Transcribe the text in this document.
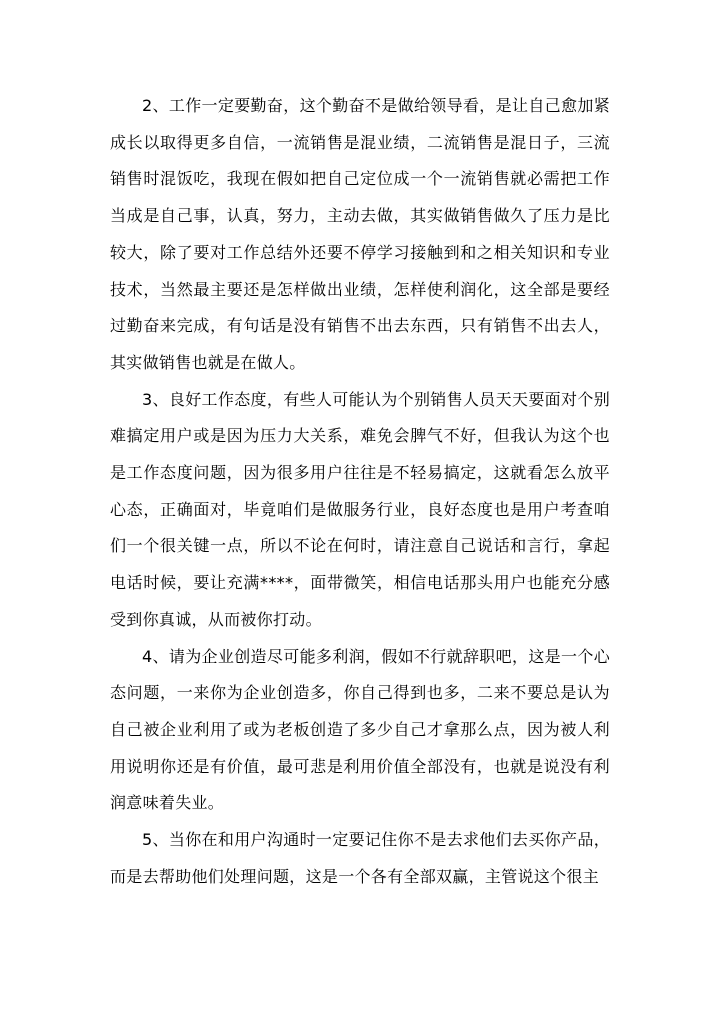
2、工作一定要勤奋，这个勤奋不是做给领导看，是让自己愈加紧成长以取得更多自信，一流销售是混业绩，二流销售是混日子，三流销售时混饭吃，我现在假如把自己定位成一个一流销售就必需把工作当成是自己事，认真，努力，主动去做，其实做销售做久了压力是比较大，除了要对工作总结外还要不停学习接触到和之相关知识和专业技术，当然最主要还是怎样做出业绩，怎样使利润化，这全部是要经过勤奋来完成，有句话是没有销售不出去东西，只有销售不出去人，其实做销售也就是在做人。

3、良好工作态度，有些人可能认为个别销售人员天天要面对个别难搞定用户或是因为压力大关系，难免会脾气不好，但我认为这个也是工作态度问题，因为很多用户往往是不轻易搞定，这就看怎么放平心态，正确面对，毕竟咱们是做服务行业，良好态度也是用户考查咱们一个很关键一点，所以不论在何时，请注意自己说话和言行，拿起电话时候，要让充满****，面带微笑，相信电话那头用户也能充分感受到你真诚，从而被你打动。

4、请为企业创造尽可能多利润，假如不行就辞职吧，这是一个心态问题，一来你为企业创造多，你自己得到也多，二来不要总是认为自己被企业利用了或为老板创造了多少自己才拿那么点，因为被人利用说明你还是有价值，最可悲是利用价值全部没有，也就是说没有利润意味着失业。

5、当你在和用户沟通时一定要记住你不是去求他们去买你产品，而是去帮助他们处理问题，这是一个各有全部双赢，主管说这个很主
